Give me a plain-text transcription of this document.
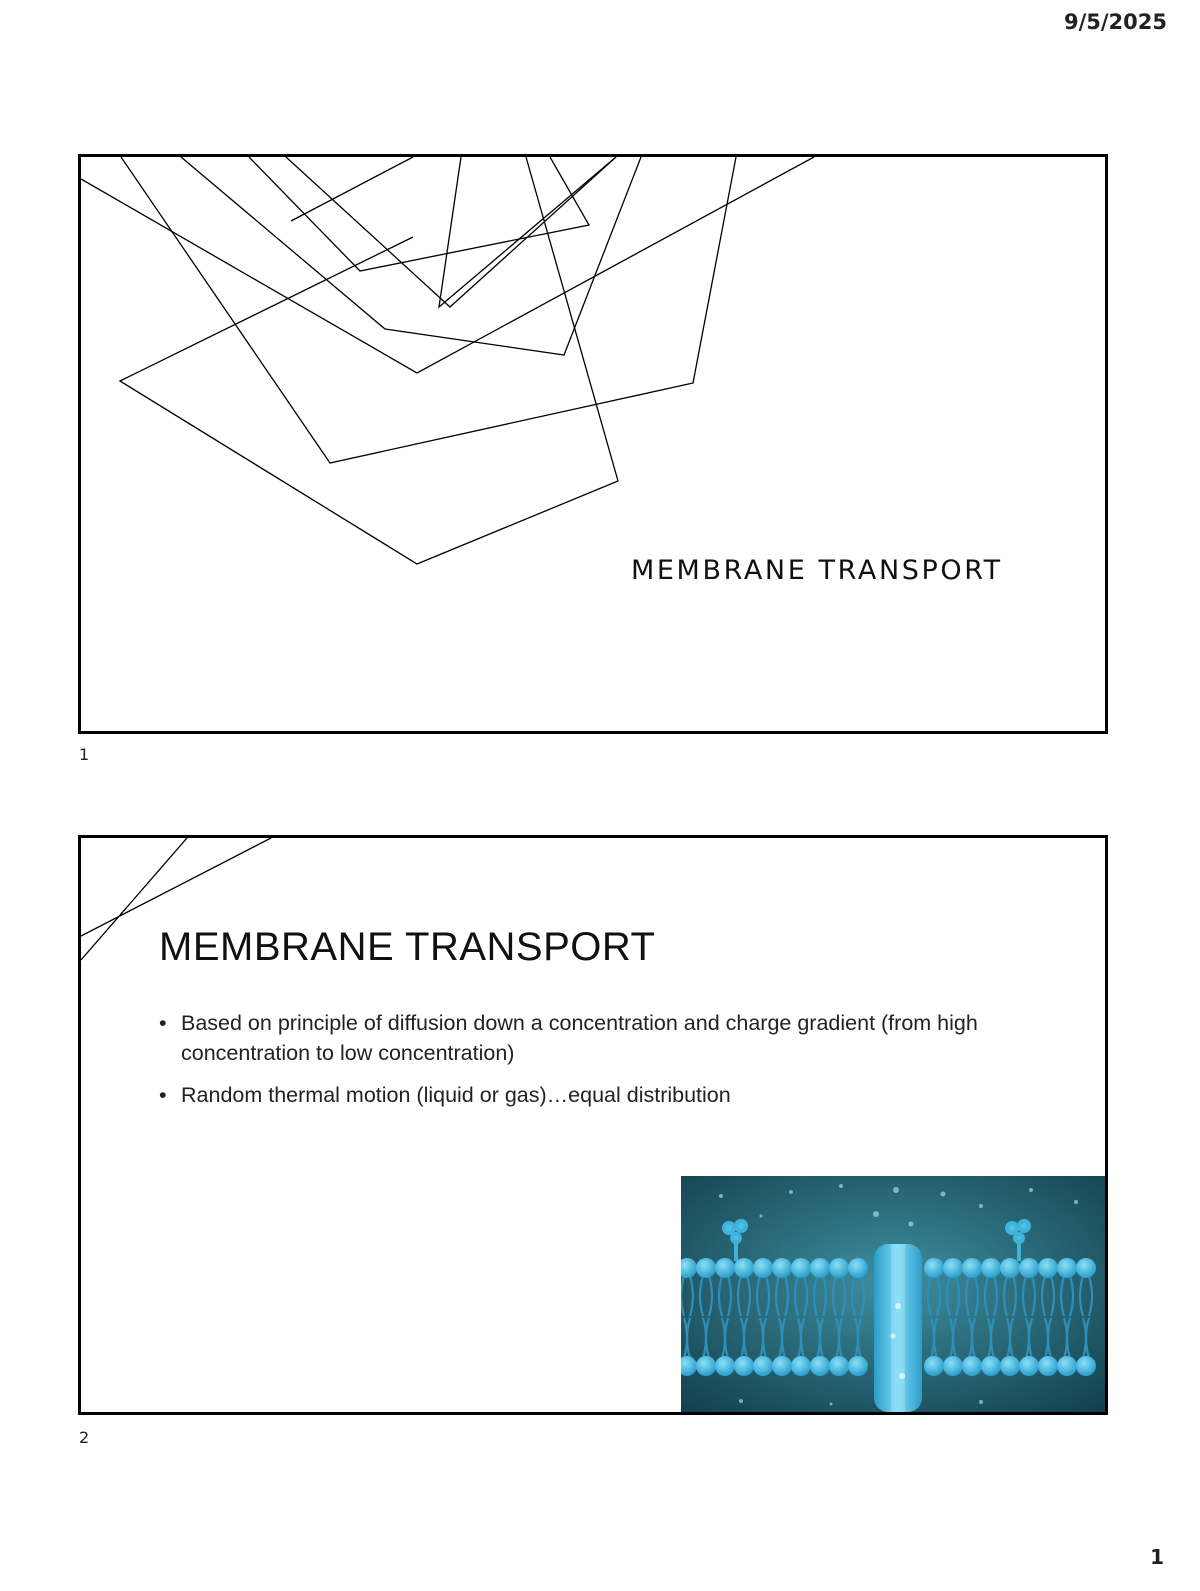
9/5/2025
MEMBRANE TRANSPORT
1
MEMBRANE TRANSPORT
• Based on principle of diffusion down a concentration and charge gradient (from high concentration to low concentration)
• Random thermal motion (liquid or gas)…equal distribution
2
1
